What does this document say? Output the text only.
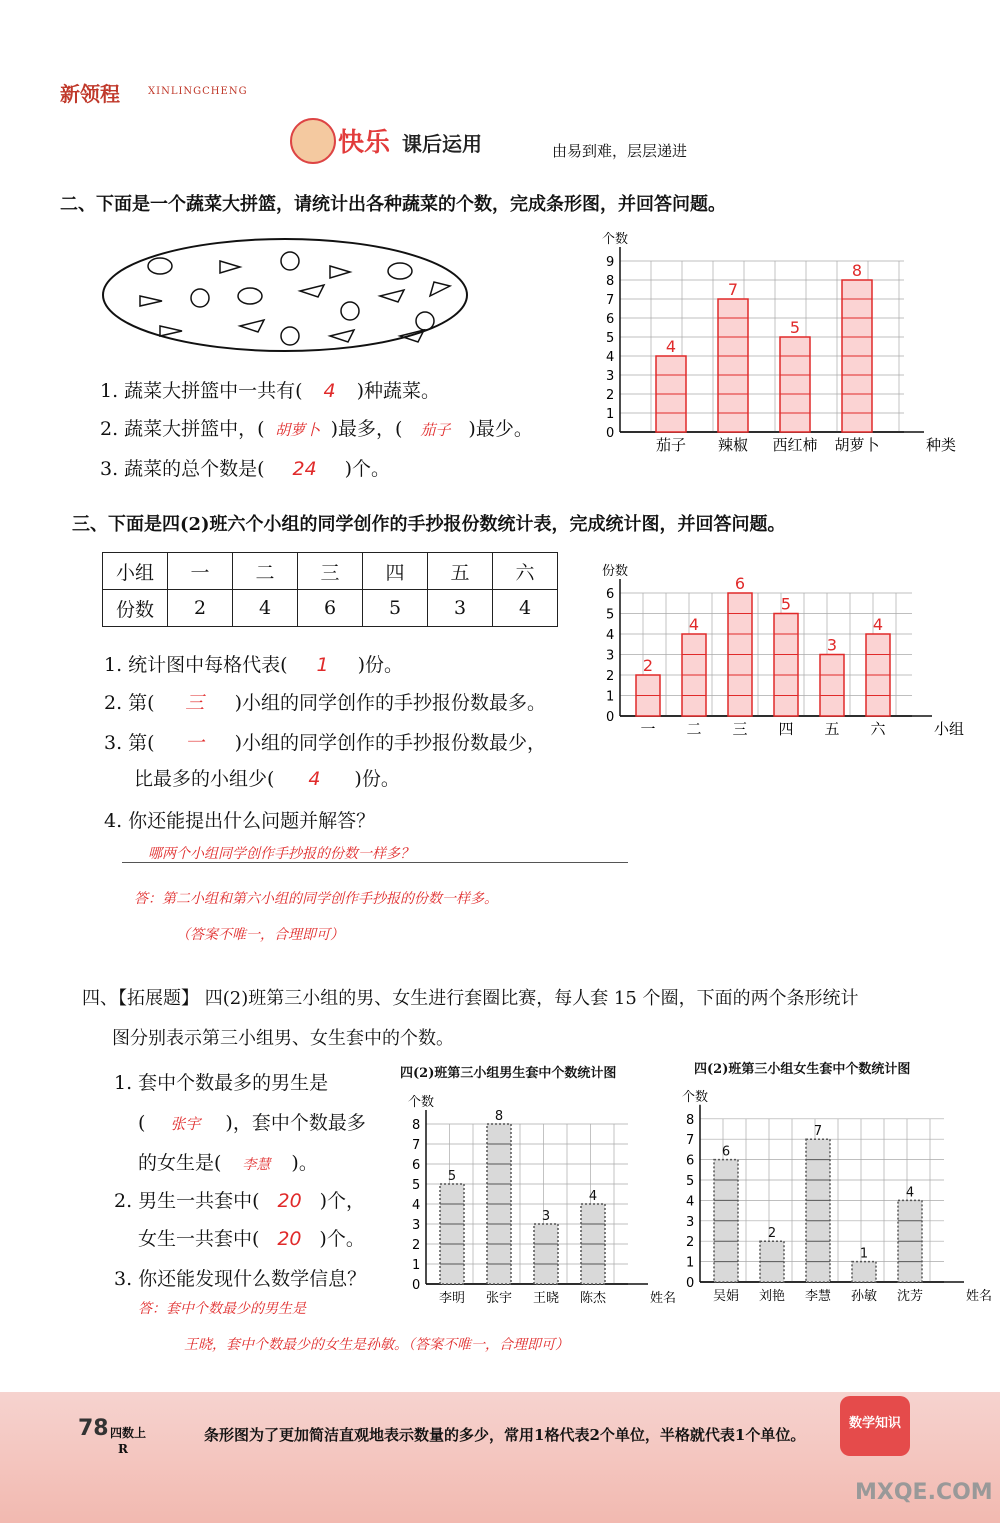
新领程	XINLINGCHENG
快乐 课后运用	由易到难，层层递进
二、下面是一个蔬菜大拼篮，请统计出各种蔬菜的个数，完成条形图，并回答问题。
1. 蔬菜大拼篮中一共有( 4 )种蔬菜。
2. 蔬菜大拼篮中，( 胡萝卜 )最多，( 茄子 )最少。
3. 蔬菜的总个数是( 24 )个。
个数
种类
0
1
2
3
4
5
6
7
8
9
4
茄子
7
辣椒
5
西红柿
8
胡萝卜
三、下面是四(2)班六个小组的同学创作的手抄报份数统计表，完成统计图，并回答问题。
小组	一	二	三	四	五	六
份数	2	4	6	5	3	4
1. 统计图中每格代表( 1 )份。
2. 第( 三 )小组的同学创作的手抄报份数最多。
3. 第( 一 )小组的同学创作的手抄报份数最少，
比最多的小组少( 4 )份。
4. 你还能提出什么问题并解答？
哪两个小组同学创作手抄报的份数一样多？
答：第二小组和第六小组的同学创作手抄报的份数一样多。
（答案不唯一，合理即可）
份数
小组
0
1
2
3
4
5
6
2
一
4
二
6
三
5
四
3
五
4
六
四、【拓展题】 四(2)班第三小组的男、女生进行套圈比赛，每人套 15 个圈，下面的两个条形统计
图分别表示第三小组男、女生套中的个数。
1. 套中个数最多的男生是
( 张宇 )，套中个数最多
的女生是( 李慧 )。
2. 男生一共套中( 20 )个，
女生一共套中( 20 )个。
3. 你还能发现什么数学信息？
答：套中个数最少的男生是
王晓，套中个数最少的女生是孙敏。（答案不唯一，合理即可）
四(2)班第三小组男生套中个数统计图	四(2)班第三小组女生套中个数统计图
个数
姓名
0
1
2
3
4
5
6
7
8
5
李明
8
张宇
3
王晓
4
陈杰
个数
姓名
0
1
2
3
4
5
6
7
8
6
吴娟
2
刘艳
7
李慧
1
孙敏
4
沈芳
78 四数上
R
条形图为了更加简洁直观地表示数量的多少，常用1格代表2个单位，半格就代表1个单位。
数学知识
MXQE.COM
